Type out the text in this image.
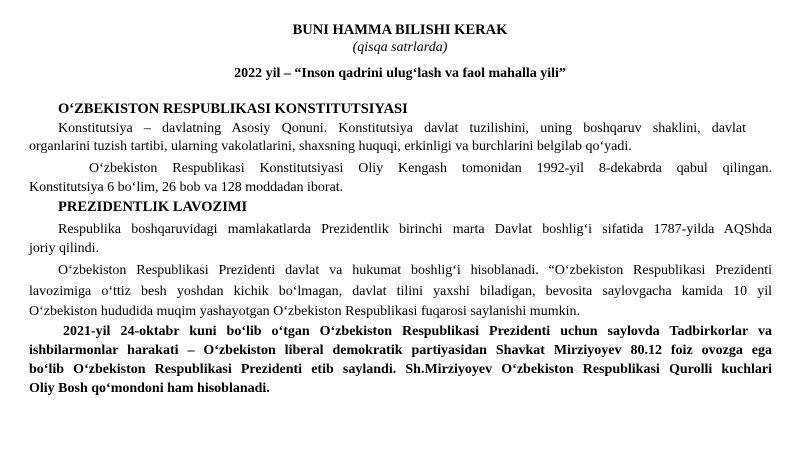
BUNI HAMMA BILISHI KERAK
(qisqa satrlarda)
2022 yil – “Inson qadrini ulug‘lash va faol mahalla yili”
O‘ZBEKISTON RESPUBLIKASI KONSTITUTSIYASI
Konstitutsiya – davlatning Asosiy Qonuni. Konstitutsiya davlat tuzilishini, uning boshqaruv shaklini, davlat
organlarini tuzish tartibi, ularning vakolatlarini, shaxsning huquqi, erkinligi va burchlarini belgilab qo‘yadi.
O‘zbekiston Respublikasi Konstitutsiyasi Oliy Kengash tomonidan 1992-yil 8-dekabrda qabul qilingan.
Konstitutsiya 6 bo‘lim, 26 bob va 128 moddadan iborat.
PREZIDENTLIK LAVOZIMI
Respublika boshqaruvidagi mamlakatlarda Prezidentlik birinchi marta Davlat boshlig‘i sifatida 1787-yilda AQShda
joriy qilindi.
O‘zbekiston Respublikasi Prezidenti davlat va hukumat boshlig‘i hisoblanadi. “O‘zbekiston Respublikasi Prezidenti
lavozimiga o‘ttiz besh yoshdan kichik bo‘lmagan, davlat tilini yaxshi biladigan, bevosita saylovgacha kamida 10 yil
O‘zbekiston hududida muqim yashayotgan O‘zbekiston Respublikasi fuqarosi saylanishi mumkin.
2021-yil 24-oktabr kuni bo‘lib o‘tgan O‘zbekiston Respublikasi Prezidenti uchun saylovda Tadbirkorlar va
ishbilarmonlar harakati – O‘zbekiston liberal demokratik partiyasidan Shavkat Mirziyoyev 80.12 foiz ovozga ega
bo‘lib O‘zbekiston Respublikasi Prezidenti etib saylandi. Sh.Mirziyoyev O‘zbekiston Respublikasi Qurolli kuchlari
Oliy Bosh qo‘mondoni ham hisoblanadi.
